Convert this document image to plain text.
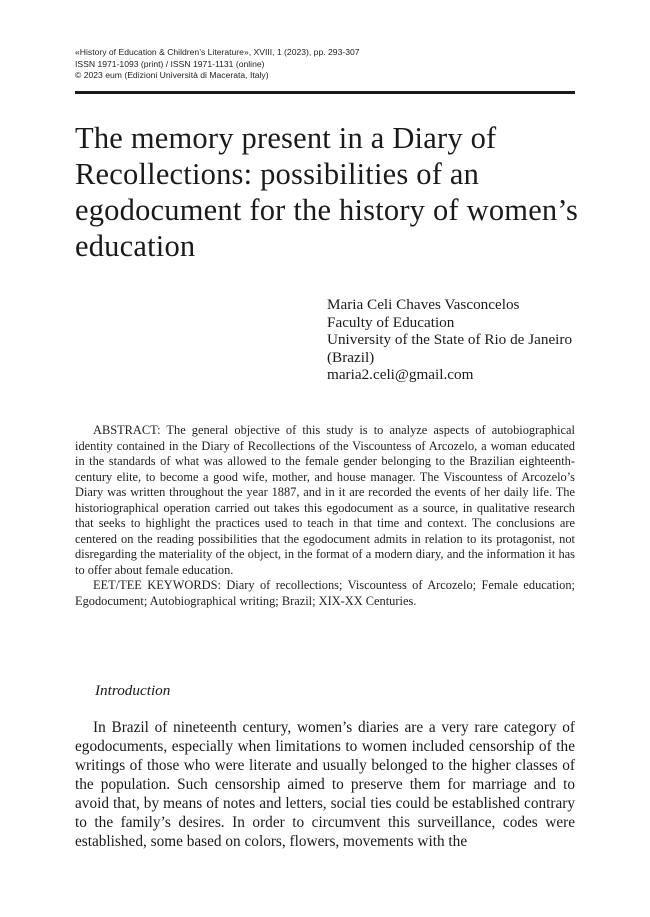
«History of Education & Children’s Literature», XVIII, 1 (2023), pp. 293-307
ISSN 1971-1093 (print) / ISSN 1971-1131 (online)
© 2023 eum (Edizioni Università di Macerata, Italy)
The memory present in a Diary of Recollections: possibilities of an egodocument for the history of women’s education
Maria Celi Chaves Vasconcelos
Faculty of Education
University of the State of Rio de Janeiro
(Brazil)
maria2.celi@gmail.com

ABSTRACT: The general objective of this study is to analyze aspects of autobiographical identity contained in the Diary of Recollections of the Viscountess of Arcozelo, a woman educated in the standards of what was allowed to the female gender belonging to the Brazilian eighteenth-century elite, to become a good wife, mother, and house manager. The Viscountess of Arcozelo’s Diary was written throughout the year 1887, and in it are recorded the events of her daily life. The historiographical operation carried out takes this egodocument as a source, in qualitative research that seeks to highlight the practices used to teach in that time and context. The conclusions are centered on the reading possibilities that the egodocument admits in relation to its protagonist, not disregarding the materiality of the object, in the format of a modern diary, and the information it has to offer about female education.

EET/TEE KEYWORDS: Diary of recollections; Viscountess of Arcozelo; Female education; Egodocument; Autobiographical writing; Brazil; XIX-XX Centuries.

Introduction

In Brazil of nineteenth century, women’s diaries are a very rare category of egodocuments, especially when limitations to women included censorship of the writings of those who were literate and usually belonged to the higher classes of the population. Such censorship aimed to preserve them for marriage and to avoid that, by means of notes and letters, social ties could be established contrary to the family’s desires. In order to circumvent this surveillance, codes were established, some based on colors, flowers, movements with the
